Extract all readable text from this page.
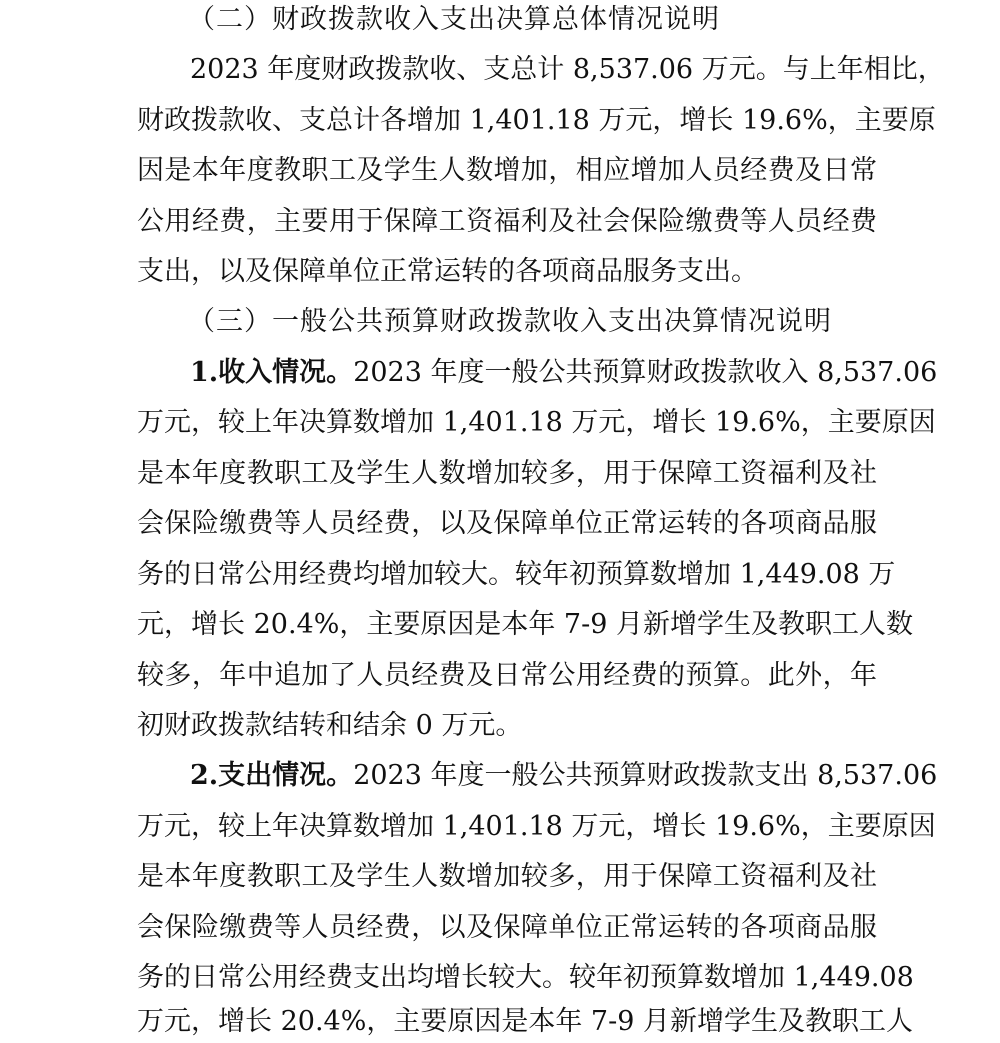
（二）财政拨款收入支出决算总体情况说明
2023 年度财政拨款收、支总计 8,537.06 万元。与上年相比，
财政拨款收、支总计各增加 1,401.18 万元，增长 19.6%，主要原
因是本年度教职工及学生人数增加，相应增加人员经费及日常
公用经费，主要用于保障工资福利及社会保险缴费等人员经费
支出，以及保障单位正常运转的各项商品服务支出。
（三）一般公共预算财政拨款收入支出决算情况说明
1.收入情况。2023 年度一般公共预算财政拨款收入 8,537.06
万元，较上年决算数增加 1,401.18 万元，增长 19.6%，主要原因
是本年度教职工及学生人数增加较多，用于保障工资福利及社
会保险缴费等人员经费，以及保障单位正常运转的各项商品服
务的日常公用经费均增加较大。较年初预算数增加 1,449.08 万
元，增长 20.4%，主要原因是本年 7-9 月新增学生及教职工人数
较多，年中追加了人员经费及日常公用经费的预算。此外，年
初财政拨款结转和结余 0 万元。
2.支出情况。2023 年度一般公共预算财政拨款支出 8,537.06
万元，较上年决算数增加 1,401.18 万元，增长 19.6%，主要原因
是本年度教职工及学生人数增加较多，用于保障工资福利及社
会保险缴费等人员经费，以及保障单位正常运转的各项商品服
务的日常公用经费支出均增长较大。较年初预算数增加 1,449.08
万元，增长 20.4%，主要原因是本年 7-9 月新增学生及教职工人
